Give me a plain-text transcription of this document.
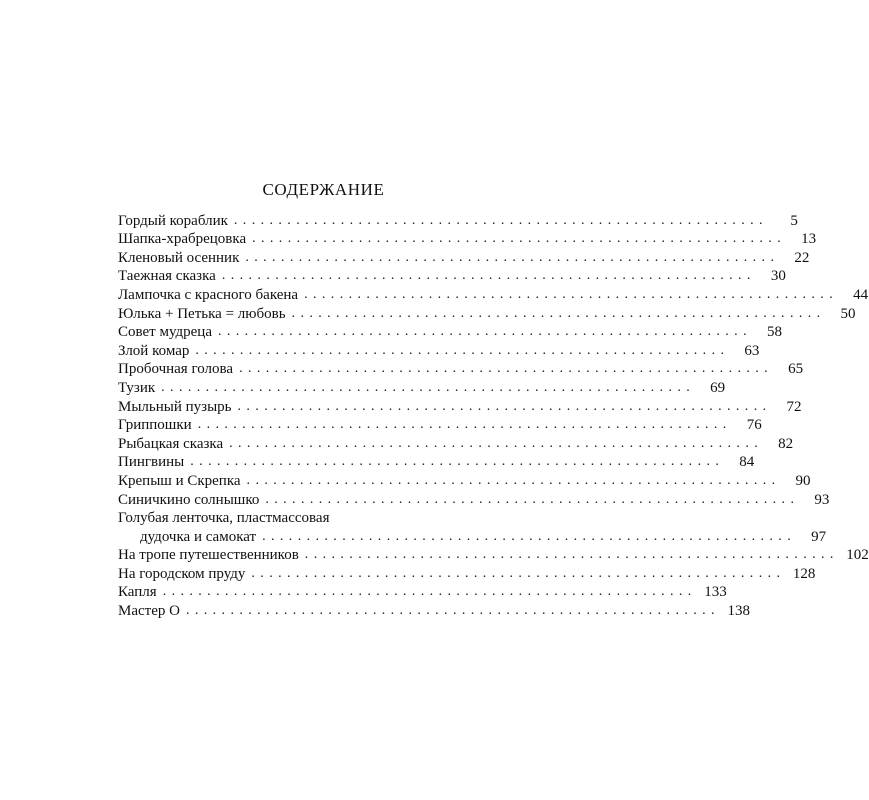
СОДЕРЖАНИЕ
Гордый кораблик ............................................................	5
Шапка-храбрецовка ............................................................	13
Кленовый осенник ............................................................	22
Таежная сказка ............................................................	30
Лампочка с красного бакена ............................................................	44
Юлька + Петька = любовь ............................................................	50
Совет мудреца ............................................................	58
Злой комар ............................................................	63
Пробочная голова ............................................................	65
Тузик ............................................................	69
Мыльный пузырь ............................................................	72
Гриппошки ............................................................	76
Рыбацкая сказка ............................................................	82
Пингвины ............................................................	84
Крепыш и Скрепка ............................................................	90
Синичкино солнышко ............................................................	93
Голубая ленточка, пластмассовая
дудочка и самокат ............................................................	97
На тропе путешественников ............................................................ 102
На городском пруду ............................................................ 128
Капля ............................................................ 133
Мастер О ............................................................ 138
